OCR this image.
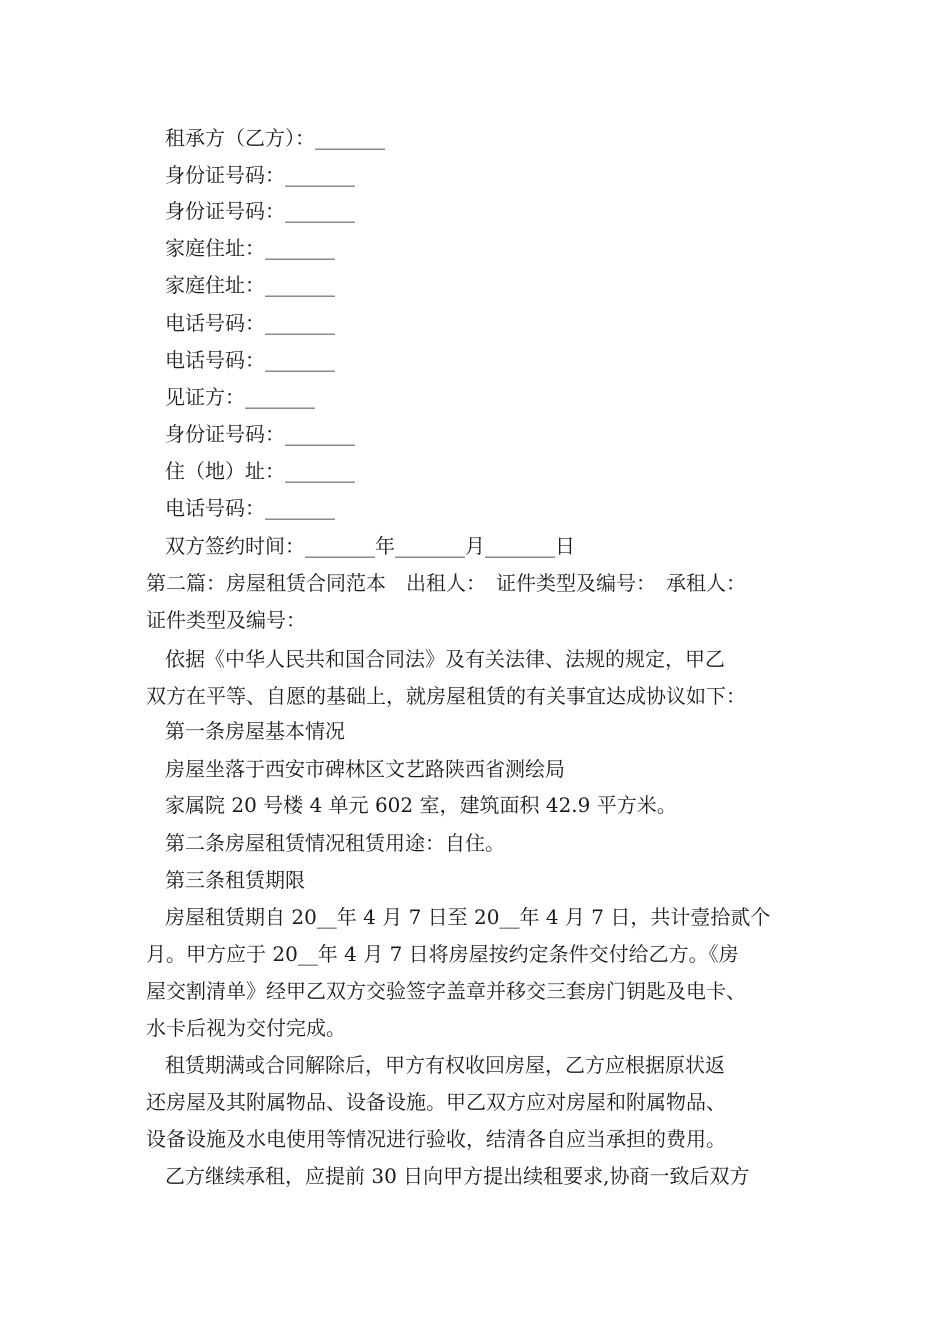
租承方（乙方）：_______
身份证号码：_______
身份证号码：_______
家庭住址：_______
家庭住址：_______
电话号码：_______
电话号码：_______
见证方：_______
身份证号码：_______
住（地）址：_______
电话号码：_______
双方签约时间：_______年_______月_______日
第二篇：房屋租赁合同范本　出租人：　证件类型及编号：　承租人：
证件类型及编号：
依据《中华人民共和国合同法》及有关法律、法规的规定，甲乙
双方在平等、自愿的基础上，就房屋租赁的有关事宜达成协议如下：
第一条房屋基本情况
房屋坐落于西安市碑林区文艺路陕西省测绘局
家属院 20 号楼 4 单元 602 室，建筑面积 42.9 平方米。
第二条房屋租赁情况租赁用途：自住。
第三条租赁期限
房屋租赁期自 20__年 4 月 7 日至 20__年 4 月 7 日，共计壹拾贰个
月。甲方应于 20__年 4 月 7 日将房屋按约定条件交付给乙方。《房
屋交割清单》经甲乙双方交验签字盖章并移交三套房门钥匙及电卡、
水卡后视为交付完成。
租赁期满或合同解除后，甲方有权收回房屋，乙方应根据原状返
还房屋及其附属物品、设备设施。甲乙双方应对房屋和附属物品、
设备设施及水电使用等情况进行验收，结清各自应当承担的费用。
乙方继续承租，应提前 30 日向甲方提出续租要求,协商一致后双方
